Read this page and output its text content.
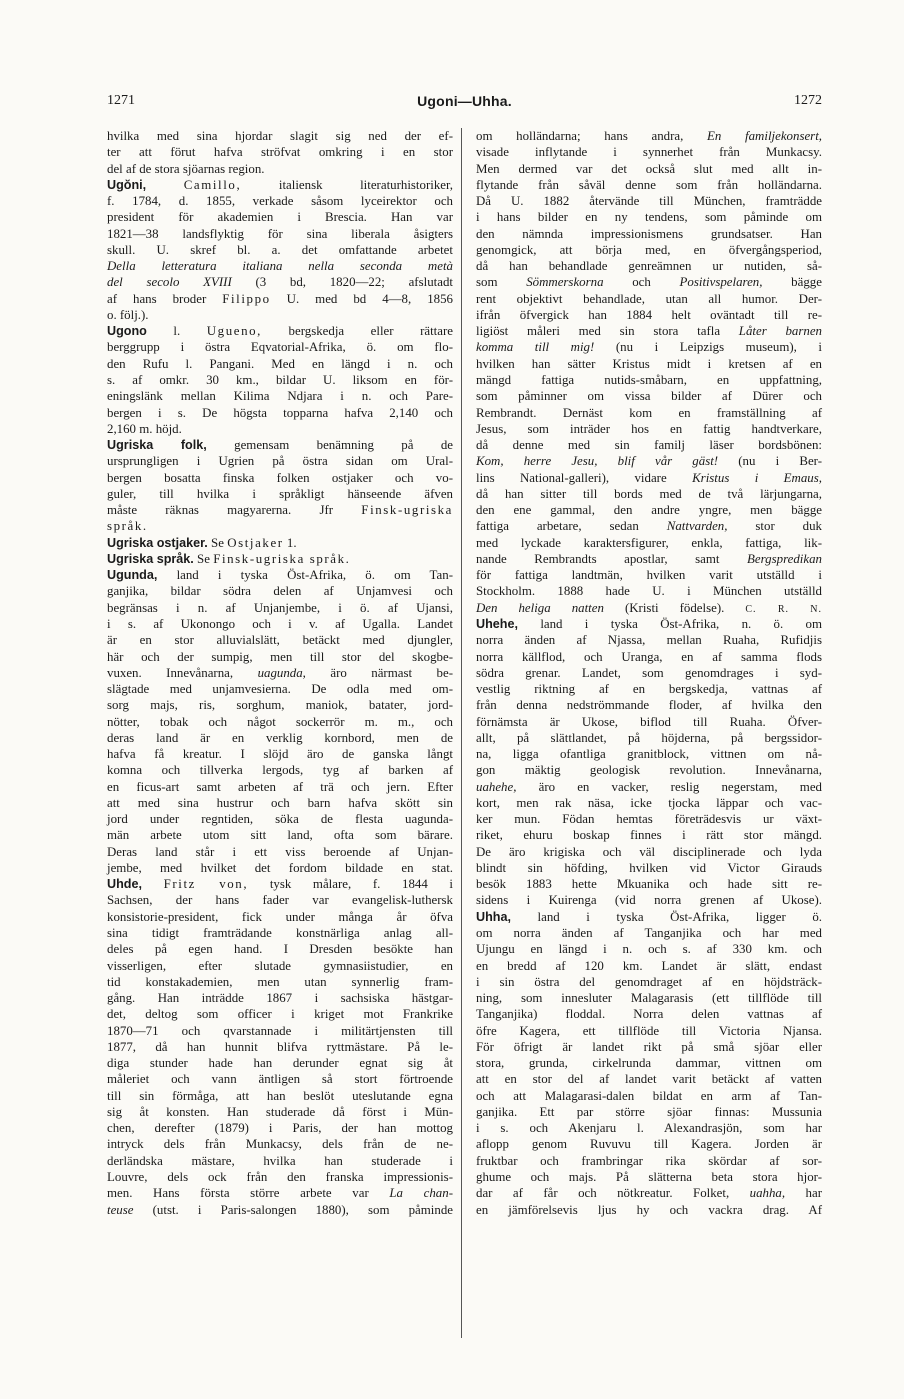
1271	Ugoni—Uhha.	1272
hvilka med sina hjordar slagit sig ned der ef-
ter att förut hafva ströfvat omkring i en stor
del af de stora sjöarnas region.
Ugŏni,	Camillo,	italiensk literaturhistoriker,
f. 1784, d. 1855, verkade såsom lyceirektor och
president för akademien i Brescia. Han var
1821—38 landsflyktig för sina liberala åsigters
skull. U. skref bl. a. det omfattande arbetet
Della letteratura italiana nella seconda metà
del secolo XVIII (3 bd, 1820—22; afslutadt
af hans broder Filippo U. med bd 4—8, 1856
o. följ.).
Ugono l. Ugueno, bergskedja eller rättare
berggrupp i östra Eqvatorial-Afrika, ö. om flo-
den Rufu l. Pangani. Med en längd i n. och
s. af omkr. 30 km., bildar U. liksom en för-
eningslänk mellan Kilima Ndjara i n. och Pare-
bergen i s. De högsta topparna hafva 2,140 och
2,160 m. höjd.
Ugriska folk, gemensam benämning på de
ursprungligen i Ugrien på östra sidan om Ural-
bergen bosatta finska folken ostjaker och vo-
guler, till hvilka i språkligt hänseende äfven
måste räknas magyarerna. Jfr Finsk-ugriska
språk.
Ugriska ostjaker. Se Ostjaker 1.
Ugriska språk. Se Finsk-ugriska språk.
Ugunda, land i tyska Öst-Afrika, ö. om Tan-
ganjika, bildar södra delen af Unjamvesi och
begränsas i n. af Unjanjembe, i ö. af Ujansi,
i s. af Ukonongo och i v. af Ugalla. Landet
är en stor alluvialslätt, betäckt med djungler,
här och der sumpig, men till stor del skogbe-
vuxen. Innevånarna, uagunda, äro närmast be-
slägtade med unjamvesierna. De odla med om-
sorg majs, ris, sorghum, maniok, batater, jord-
nötter, tobak och något sockerrör m. m., och
deras land är en verklig kornbord, men de
hafva få kreatur. I slöjd äro de ganska långt
komna och tillverka lergods, tyg af barken af
en ficus-art samt arbeten af trä och jern. Efter
att med sina hustrur och barn hafva skött sin
jord under regntiden, söka de flesta uagunda-
män arbete utom sitt land, ofta som bärare.
Deras land står i ett viss beroende af Unjan-
jembe, med hvilket det fordom bildade en stat.
Uhde, Fritz von, tysk målare, f. 1844 i
Sachsen, der hans fader var evangelisk-luthersk
konsistorie-president, fick under många år öfva
sina tidigt framträdande konstnärliga anlag all-
deles på egen hand. I Dresden besökte han
visserligen, efter slutade gymnasiistudier, en
tid konstakademien, men utan synnerlig fram-
gång. Han inträdde 1867 i sachsiska hästgar-
det, deltog som officer i kriget mot Frankrike
1870—71 och qvarstannade i militärtjensten till
1877, då han hunnit blifva ryttmästare. På le-
diga stunder hade han derunder egnat sig åt
måleriet och vann äntligen så stort förtroende
till sin förmåga, att han beslöt uteslutande egna
sig åt konsten. Han studerade då först i Mün-
chen, derefter (1879) i Paris, der han mottog
intryck dels från Munkacsy, dels från de ne-
derländska mästare, hvilka han studerade i
Louvre, dels ock från den franska impressionis-
men. Hans första större arbete var La chan-
teuse (utst. i Paris-salongen 1880), som påminde
om holländarna; hans andra, En familjekonsert,
visade inflytande i synnerhet från Munkacsy.
Men dermed var det också slut med allt in-
flytande från såväl denne som från holländarna.
Då U. 1882 återvände till München, framträdde
i hans bilder en ny tendens, som påminde om
den nämnda impressionismens grundsatser. Han
genomgick, att börja med, en öfvergångsperiod,
då han behandlade genreämnen ur nutiden, så-
som Sömmerskorna och Positivspelaren, bägge
rent objektivt behandlade, utan all humor. Der-
ifrån öfvergick han 1884 helt oväntadt till re-
ligiöst måleri med sin stora tafla Låter barnen
komma till mig! (nu i Leipzigs museum), i
hvilken han sätter Kristus midt i kretsen af en
mängd fattiga nutids-småbarn, en uppfattning,
som påminner om vissa bilder af Dürer och
Rembrandt. Dernäst kom en framställning af
Jesus, som inträder hos en fattig handtverkare,
då denne med sin familj läser bordsbönen:
Kom, herre Jesu, blif vår gäst! (nu i Ber-
lins National-galleri), vidare Kristus i Emaus,
då han sitter till bords med de två lärjungarna,
den ene gammal, den andre yngre, men bägge
fattiga arbetare, sedan Nattvarden, stor duk
med lyckade karaktersfigurer, enkla, fattiga, lik-
nande Rembrandts apostlar, samt Bergspredikan
för fattiga landtmän, hvilken varit utställd i
Stockholm. 1888 hade U. i München utställd
Den heliga natten (Kristi födelse). C. R. N.
Uhehe, land i tyska Öst-Afrika, n. ö. om
norra änden af Njassa, mellan Ruaha, Rufidjis
norra källflod, och Uranga, en af samma flods
södra grenar. Landet, som genomdrages i syd-
vestlig riktning af en bergskedja, vattnas af
från denna nedströmmande floder, af hvilka den
förnämsta är Ukose, biflod till Ruaha. Öfver-
allt, på slättlandet, på höjderna, på bergssidor-
na, ligga ofantliga granitblock, vittnen om nå-
gon mäktig geologisk revolution. Innevånarna,
uahehe, äro en vacker, reslig negerstam, med
kort, men rak näsa, icke tjocka läppar och vac-
ker mun. Födan hemtas företrädesvis ur växt-
riket, ehuru boskap finnes i rätt stor mängd.
De äro krigiska och väl disciplinerade och lyda
blindt sin höfding, hvilken vid Victor Girauds
besök 1883 hette Mkuanika och hade sitt re-
sidens i Kuirenga (vid norra grenen af Ukose).
Uhha, land i tyska Öst-Afrika, ligger ö.
om norra änden af Tanganjika och har med
Ujungu en längd i n. och s. af 330 km. och
en bredd af 120 km. Landet är slätt, endast
i sin östra del genomdraget af en höjdsträck-
ning, som innesluter Malagarasis (ett tillflöde till
Tanganjika) floddal. Norra delen vattnas af
öfre Kagera, ett tillflöde till Victoria Njansa.
För öfrigt är landet rikt på små sjöar eller
stora, grunda, cirkelrunda dammar, vittnen om
att en stor del af landet varit betäckt af vatten
och att Malagarasi-dalen bildat en arm af Tan-
ganjika. Ett par större sjöar finnas: Mussunia
i s. och Akenjaru l. Alexandrasjön, som har
aflopp genom Ruvuvu till Kagera. Jorden är
fruktbar och frambringar rika skördar af sor-
ghume och majs. På slätterna beta stora hjor-
dar af får och nötkreatur. Folket, uahha, har
en jämförelsevis ljus hy och vackra drag. Af
